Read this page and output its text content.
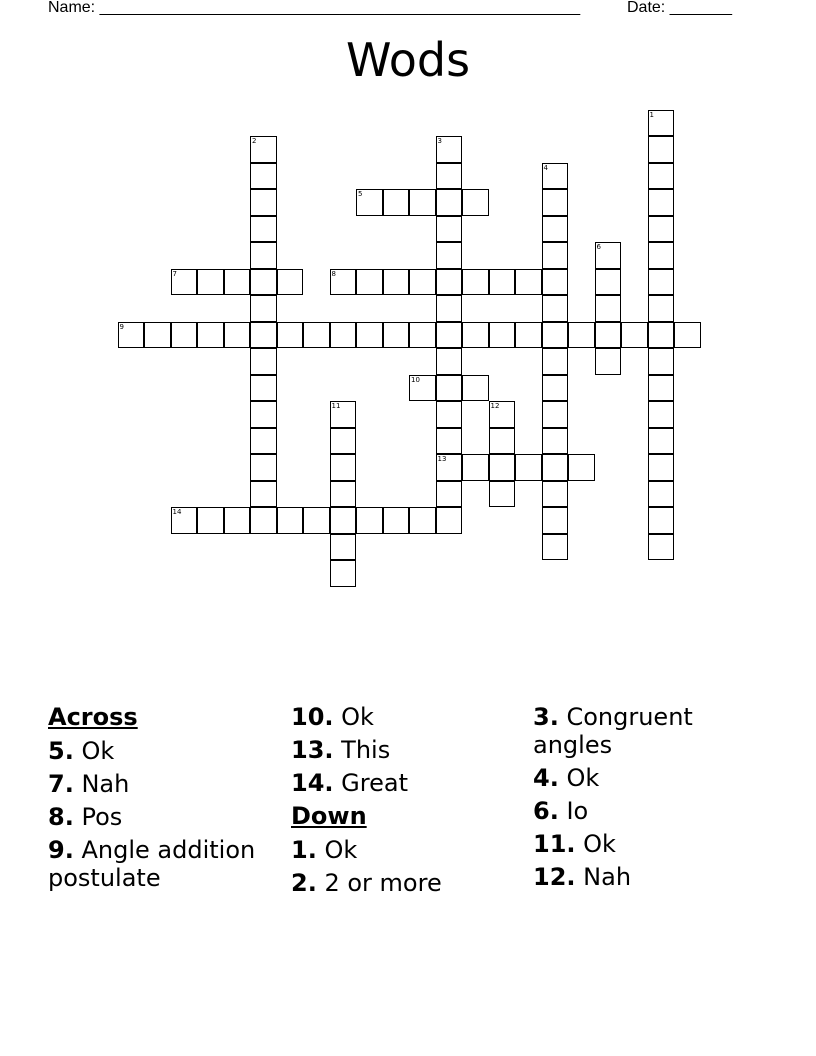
Name: ______________________________________________________	Date: _______
Wods
1
2	3
13
4
5
6
7	8
9
10
11	12
14
Across
5. Ok
7. Nah
8. Pos
9. Angle addition postulate
10. Ok
13. This
14. Great
Down
1. Ok
2. 2 or more
3. Congruent angles
4. Ok
6. Io
11. Ok
12. Nah
